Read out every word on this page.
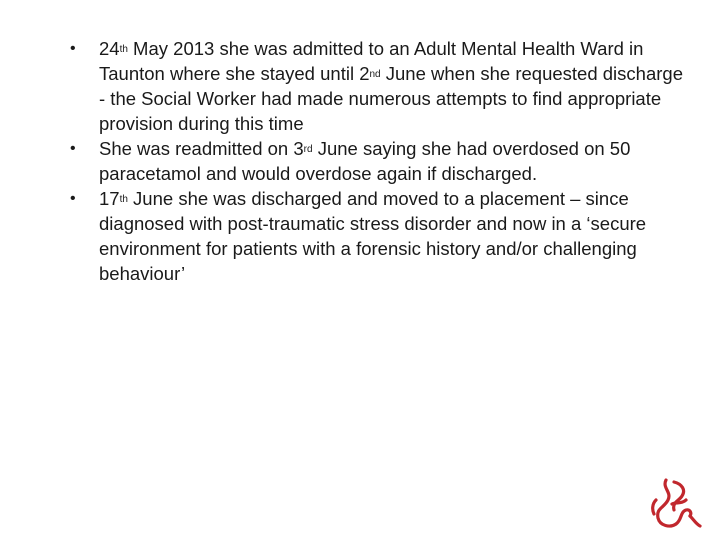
• 24th May 2013 she was admitted to an Adult Mental Health Ward in Taunton where she stayed until 2nd June when she requested discharge - the Social Worker had made numerous attempts to find appropriate provision during this time
• She was readmitted on 3rd June saying she had overdosed on 50 paracetamol and would overdose again if discharged.
• 17th June she was discharged and moved to a placement – since diagnosed with post-traumatic stress disorder and now in a ‘secure environment for patients with a forensic history and/or challenging behaviour’
